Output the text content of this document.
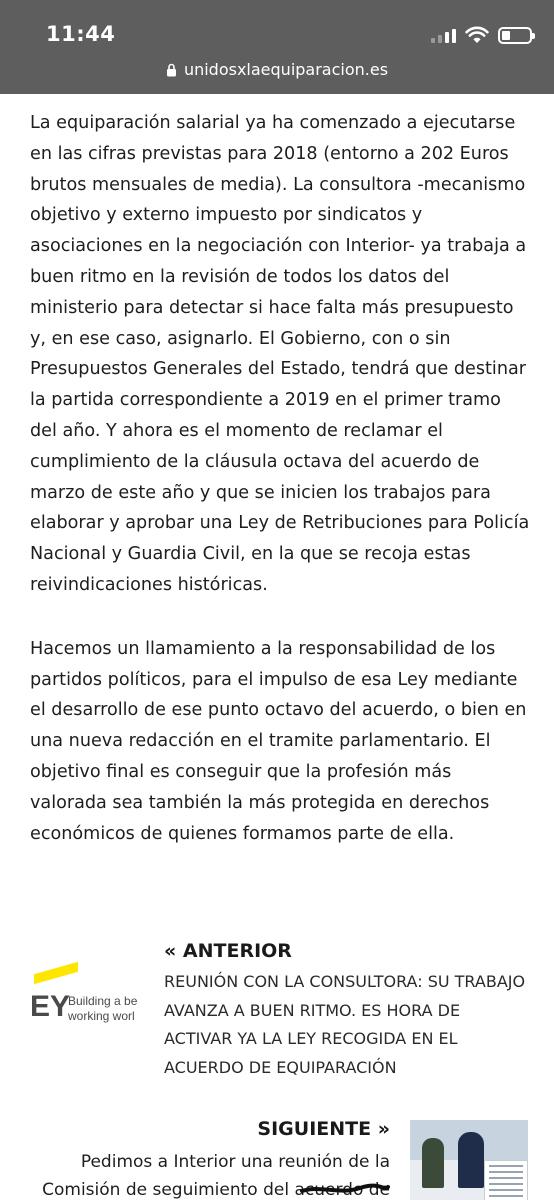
11:44
unidosxlaequiparacion.es

La equiparación salarial ya ha comenzado a ejecutarse en las cifras previstas para 2018 (entorno a 202 Euros brutos mensuales de media). La consultora -mecanismo objetivo y externo impuesto por sindicatos y asociaciones en la negociación con Interior- ya trabaja a buen ritmo en la revisión de todos los datos del ministerio para detectar si hace falta más presupuesto y, en ese caso, asignarlo. El Gobierno, con o sin Presupuestos Generales del Estado, tendrá que destinar la partida correspondiente a 2019 en el primer tramo del año. Y ahora es el momento de reclamar el cumplimiento de la cláusula octava del acuerdo de marzo de este año y que se inicien los trabajos para elaborar y aprobar una Ley de Retribuciones para Policía Nacional y Guardia Civil, en la que se recoja estas reivindicaciones históricas.

Hacemos un llamamiento a la responsabilidad de los partidos políticos, para el impulso de esa Ley mediante el desarrollo de ese punto octavo del acuerdo, o bien en una nueva redacción en el tramite parlamentario. El objetivo final es conseguir que la profesión más valorada sea también la más protegida en derechos económicos de quienes formamos parte de ella.

EY
Building a be
working worl
« ANTERIOR
REUNIÓN CON LA CONSULTORA: SU TRABAJO AVANZA A BUEN RITMO. ES HORA DE ACTIVAR YA LA LEY RECOGIDA EN EL ACUERDO DE EQUIPARACIÓN
SIGUIENTE »
Pedimos a Interior una reunión de la Comisión de seguimiento del acuerdo de
